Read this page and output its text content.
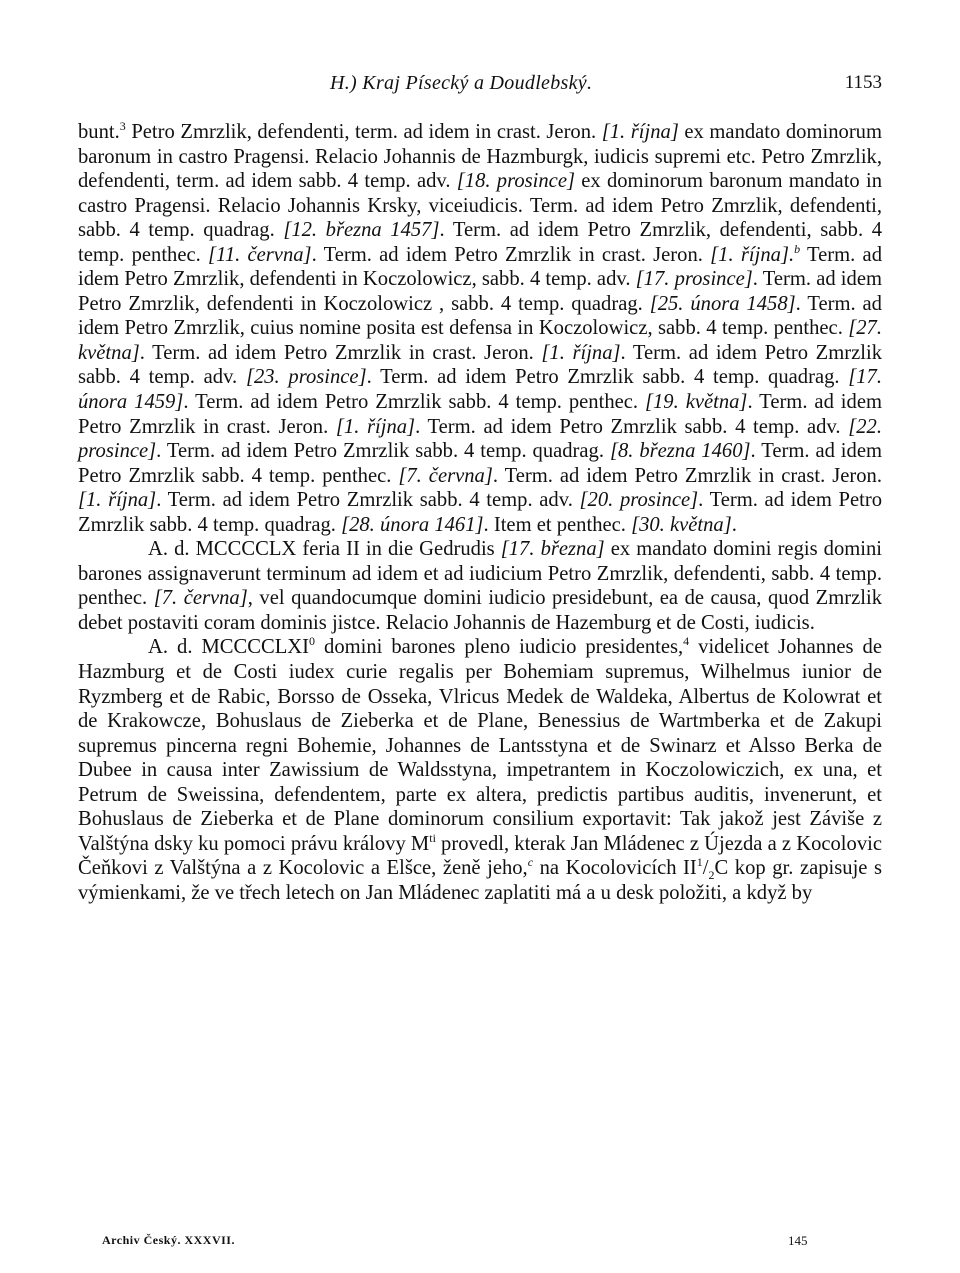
H.) Kraj Písecký a Doudlebský.	1153

bunt.$^3$ Petro Zmrzlik, defendenti, term. ad idem in crast. Jeron. [1. října] ex mandato dominorum baronum in castro Pragensi. Relacio Johannis de Hazmburgk, iudicis supremi etc. Petro Zmrzlik, defendenti, term. ad idem sabb. 4 temp. adv. [18. prosince] ex dominorum baronum mandato in castro Pragensi. Relacio Johannis Krsky, viceiudicis. Term. ad idem Petro Zmrzlik, defendenti, sabb. 4 temp. quadrag. [12. března 1457]. Term. ad idem Petro Zmrzlik, defendenti, sabb. 4 temp. penthec. [11. června]. Term. ad idem Petro Zmrzlik in crast. Jeron. [1. října].$^b$ Term. ad idem Petro Zmrzlik, defendenti in Koczolowicz, sabb. 4 temp. adv. [17. prosince]. Term. ad idem Petro Zmrzlik, defendenti in Koczolowicz , sabb. 4 temp. quadrag. [25. února 1458]. Term. ad idem Petro Zmrzlik, cuius nomine posita est defensa in Koczolowicz, sabb. 4 temp. penthec. [27. května]. Term. ad idem Petro Zmrzlik in crast. Jeron. [1. října]. Term. ad idem Petro Zmrzlik sabb. 4 temp. adv. [23. prosince]. Term. ad idem Petro Zmrzlik sabb. 4 temp. quadrag. [17. února 1459]. Term. ad idem Petro Zmrzlik sabb. 4 temp. penthec. [19. května]. Term. ad idem Petro Zmrzlik in crast. Jeron. [1. října]. Term. ad idem Petro Zmrzlik sabb. 4 temp. adv. [22. prosince]. Term. ad idem Petro Zmrzlik sabb. 4 temp. quadrag. [8. března 1460]. Term. ad idem Petro Zmrzlik sabb. 4 temp. penthec. [7. června]. Term. ad idem Petro Zmrzlik in crast. Jeron. [1. října]. Term. ad idem Petro Zmrzlik sabb. 4 temp. adv. [20. prosince]. Term. ad idem Petro Zmrzlik sabb. 4 temp. quadrag. [28. února 1461]. Item et penthec. [30. května].

A. d. MCCCCLX feria II in die Gedrudis [17. března] ex mandato domini regis domini barones assignaverunt terminum ad idem et ad iudicium Petro Zmrzlik, defendenti, sabb. 4 temp. penthec. [7. června], vel quandocumque domini iudicio presidebunt, ea de causa, quod Zmrzlik debet postaviti coram dominis jistce. Relacio Johannis de Hazemburg et de Costi, iudicis.

A. d. MCCCCLXI$^0$ domini barones pleno iudicio presidentes,$^4$ videlicet Johannes de Hazmburg et de Costi iudex curie regalis per Bohemiam supremus, Wilhelmus iunior de Ryzmberg et de Rabic, Borsso de Osseka, Vlricus Medek de Waldeka, Albertus de Kolowrat et de Krakowcze, Bohuslaus de Zieberka et de Plane, Benessius de Wartmberka et de Zakupi supremus pincerna regni Bohemie, Johannes de Lantsstyna et de Swinarz et Alsso Berka de Dubee in causa inter Zawissium de Waldsstyna, impetrantem in Koczolowiczich, ex una, et Petrum de Sweissina, defendentem, parte ex altera, predictis partibus auditis, invenerunt, et Bohuslaus de Zieberka et de Plane dominorum consilium exportavit: Tak jakož jest Záviše z Valštýna dsky ku pomoci právu královy $M^{ti}$ provedl, kterak Jan Mládenec z Újezda a z Kocolovic Čeňkovi z Valštýna a z Kocolovic a Elšce, ženě jeho,$^c$ na Kocolovicích $II^1/_2C$ kop gr. zapisuje s výmienkami, že ve třech letech on Jan Mládenec zaplatiti má a u desk položiti, a když by

Archiv Český. XXXVII.	145
